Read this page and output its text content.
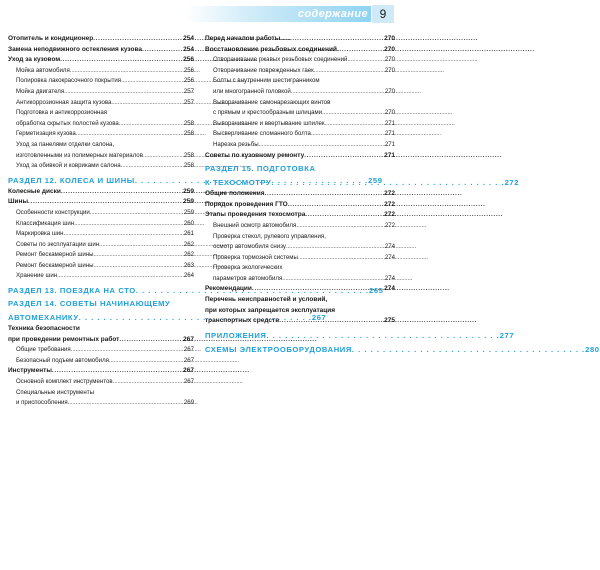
содержание 9
Отопитель и кондиционер . . .	254
Замена неподвижного остекления кузова . . .	254
Уход за кузовом . . .	256
Мойка автомобиля . . .	256
Полировка лакокрасочного покрытия . . .	256
Мойка двигателя . . .	257
Антикоррозионная защита кузова . . .	257
Подготовка и антикоррозионная
обработка скрытых полостей кузова . . .	258
Герметизация кузова . . .	258
Уход за панелями отделки салона,
изготовленными из полимерных материалов . . .	258
Уход за обивкой и ковриками салона . . .	258
РАЗДЕЛ 12. КОЛЕСА И ШИНЫ . . .	259
Колесные диски . . .	259
Шины . . .	259
Особенности конструкции . . .	259
Классификация шин . . .	260
Маркировка шин . . .	261
Советы по эксплуатации шин . . .	262
Ремонт бескамерной шины . . .	262
Ремонт бескамерной шины . . .	263
Хранение шин . . .	264
РАЗДЕЛ 13. ПОЕЗДКА НА СТО . . .	265
РАЗДЕЛ 14. СОВЕТЫ НАЧИНАЮЩЕМУ
АВТОМЕХАНИКУ . . .	267
Техника безопасности
при проведении ремонтных работ . . .	267
Общие требования . . .	267
Безопасный подъем автомобиля . . .	267
Инструменты . . .	267
Основной комплект инструментов . . .	267
Специальные инструменты
и приспособления . . .	269
Перед началом работы . . .	270
Восстановление резьбовых соединений . . .	270
Отворачивание ржавых резьбовых соединений . . .	270
Отворачивание поврежденных гаек . . .	270
Болты с внутренним шестигранником
или многогранной головкой . . .	270
Выворачивание самонарезающих винтов
с прямым и крестообразным шлицами . . .	270
Выворачивание и ввертывание шпилек . . .	271
Высверливание сломанного болта . . .	271
Нарезка резьбы . . .	271
Советы по кузовному ремонту . . .	271
РАЗДЕЛ 15. ПОДГОТОВКА
К ТЕХОСМОТРУ . . .	272
Общие положения . . .	272
Порядок проведения ГТО . . .	272
Этапы проведения техосмотра . . .	272
Внешний осмотр автомобиля . . .	272
Проверка стекол, рулевого управления,
осмотр автомобиля снизу . . .	274
Проверка тормозной системы . . .	274
Проверка экологических
параметров автомобиля . . .	274
Рекомендации . . .	274
Перечень неисправностей и условий,
при которых запрещается эксплуатация
транспортных средств . . .	275
ПРИЛОЖЕНИЯ . . .	277
СХЕМЫ ЭЛЕКТРООБОРУДОВАНИЯ . . .	280
